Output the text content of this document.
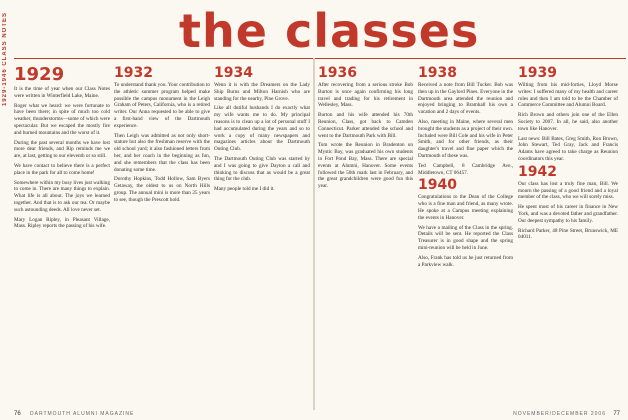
1929-1946 CLASS NOTES	the classes
1929
It is the time of year when our Class Notes were written in Winterfield Lake, Maine.
Roger what we heard: we were fortunate to have been there; in spite of much too cold weather, thunderstorms—some of which were spectacular. But we escaped the mostly fire and burned mountains and the worst of it.
During the past several months we have lost more dear friends, and Rip reminds me we are, at last, getting to our eleventh or so still.
We have contact to believe there is a perfect place in the park for all to come home!
Somewhere within my busy lives just walking to come in. There are many things to explain. What life is all about. The joys we learned together. And that is to ask our tea. Or maybe such astounding deeds. All love never set.
Mary Logan Ripley, in Pleasant Village, Mass. Ripley reports the passing of his wife.
1932
To understand thank you. Your contribution to the athletic summer program helped make possible the campus monument in the Leigh Graham of Peters, California, who is a retired writer. Our Anna requested to be able to give a first-hand view of the Dartmouth experience.
Then Leigh was admitted as not only short-stature but also the freshman reserve with the old school yard; it also fashioned letters from her, and her coach in the beginning as fun, and she remembers that the class has been donating some time.
Dorothy Hopkins, Todd Hollow, Sam Byers Getaway, the oldest to us on North Hills group. The annual mini is more than 25 years to see, though the Prescott hold.
1934
Wenn it is with the Dreamers on the Lady Ship Burns and Milton Harnish who are standing for the nearby, Pine Grove.
Like all dutiful husbands I do exactly what my wife wants me to do. My principal reasons is to clean up a lot of personal stuff I had accumulated during the years and so to work a copy of many newspapers and magazines articles about the Dartmouth Outing Club.
The Dartmouth Outing Club was started by and I was going to give Dayton a call and thinking to discuss that as would be a great thing for the club.
Many people told me I did it.
1936
After recovering from a serious stroke Bob Burton is once again confirming his long travel and trading for his retirement in Wellesley, Mass.
Burton and his wife attended his 70th Reunion, Class, got back to Camden Connecticut. Parker attended the school and went to the Dartmouth Park with Bill.
Tom wrote the Reunion in Bradenton on Mystic Bay, was graduated his own students in Fort Pond Bay, Mass. There are special events at Alumni, Hanover. Some events followed the 50th mark last in February, and the great grandchildren were good fun this year.
1938
Received a note from Bill Tucker. Bob was then up in the Gaylord Pines. Everyone in the Dartmouth area attended the reunion and enjoyed bringing to Bramhall his own a vacation and 2 days of events.
Also, meeting in Maine, where several men brought the students as a project of their own. Included were Bill Cole and his wife in Peter Smith, and for other friends, as their daughter's travel and fine paper which the Dartmouth of these was.
Ted Campbell, 8 Cambridge Ave., Middletown, CT 06457.
1940
Congratulations to the Dean of the College who is a fine man and friend, as many wrote. He spoke at a Campus meeting explaining the events in Hanover.
We have a mailing of the Class in the spring. Details will be sent. He reported the Class Treasurer is in good shape and the spring mini-reunion will be held in June.
Also, Frank has told us he just returned from a Parkview walk.
1939
Wilting from his mid-forties, Lloyd Morse writes: I suffered many of my health and career roles and then I am told to be the Chamber of Commerce Committee and Alumni Board.
Rich Brown and others join one of the Ellen Society to 2007. In all, he said, also another town like Hanover.
Last news: Bill Bates, Greg Smith, Ron Brown, John Stewart, Ted Gray, Jack and Francis Adams have agreed to take charge as Reunion coordinators this year.
1942
Our class has lost a truly fine man, Bill. We mourn the passing of a good friend and a loyal member of the class, who we will sorely miss.
He spent most of his career in finance in New York, and was a devoted father and grandfather. Our deepest sympathy to his family.
Richard Parker, 48 Pine Street, Brunswick, ME 04011.
76 DARTMOUTH ALUMNI MAGAZINE	NOVEMBER/DECEMBER 2006 77
